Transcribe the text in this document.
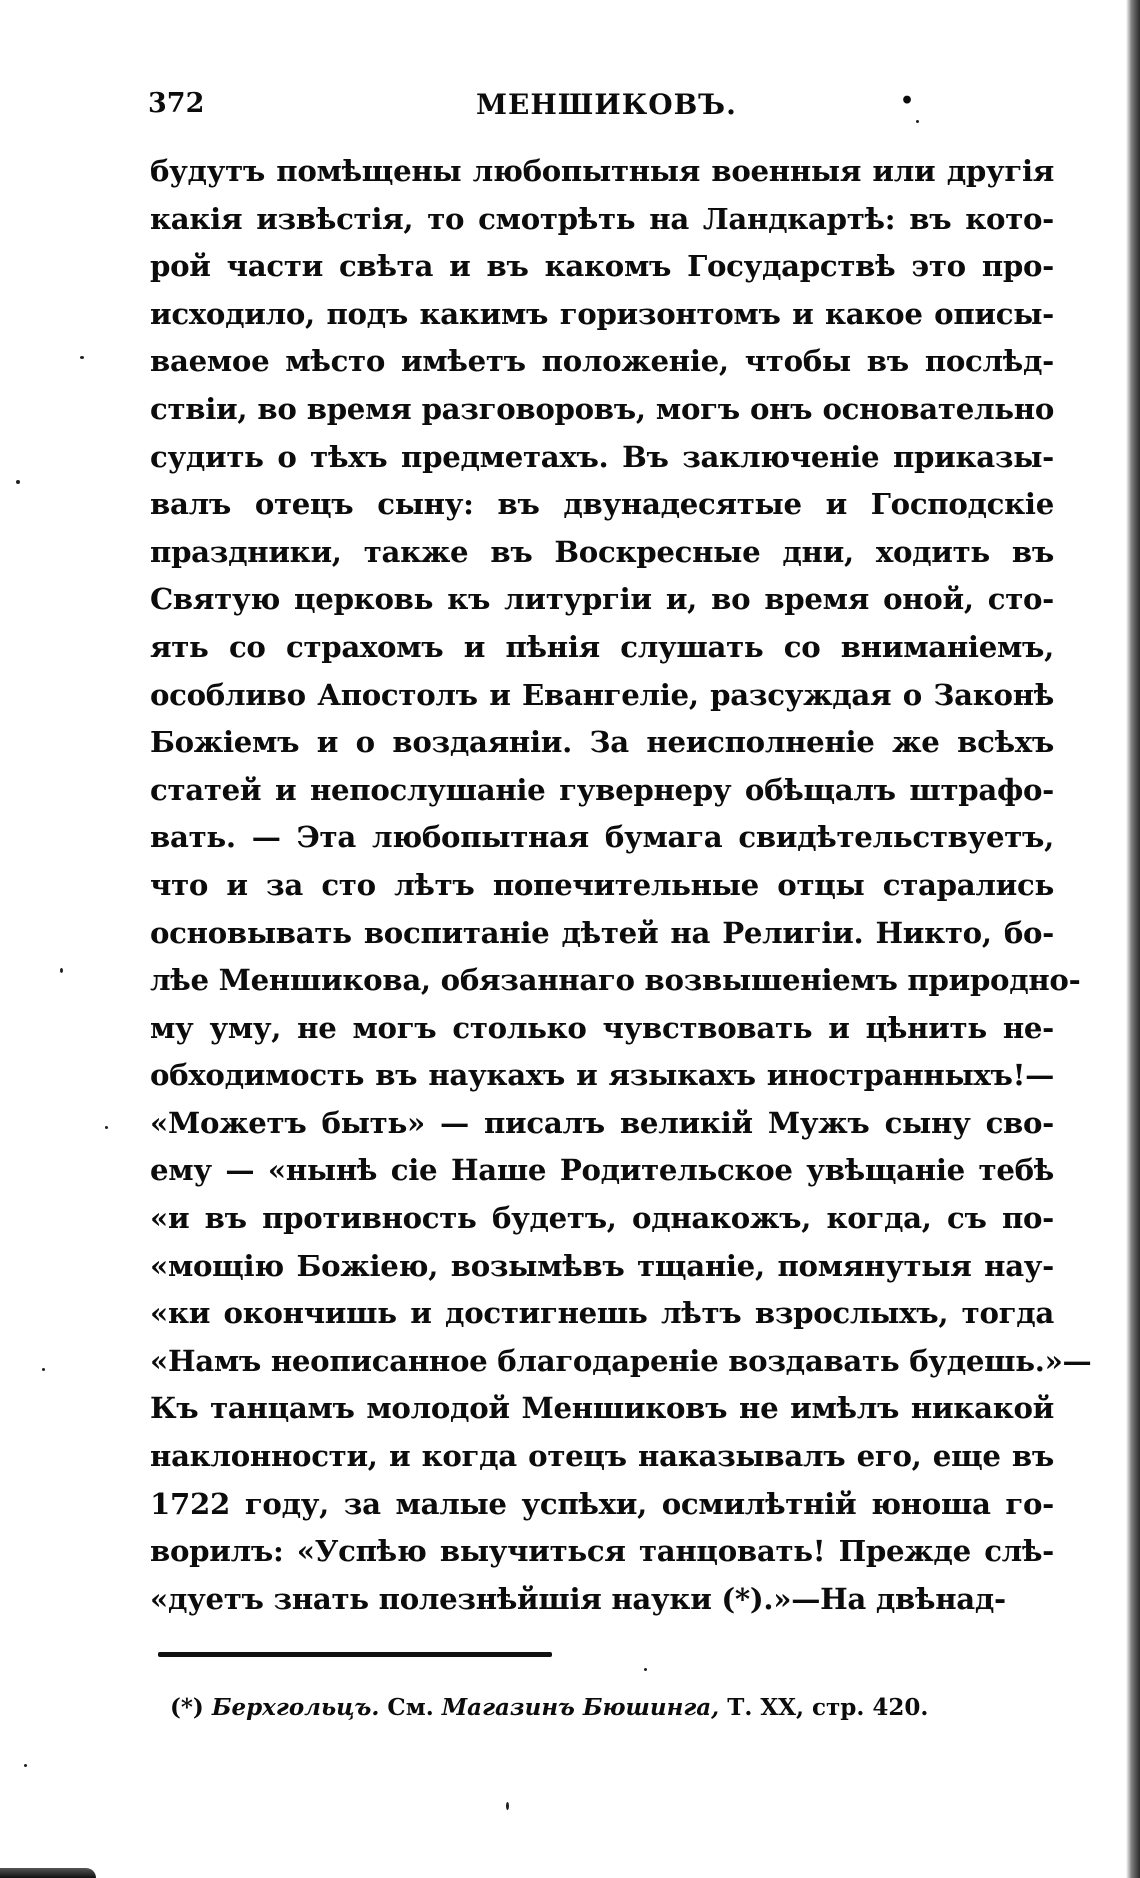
372	МЕНШИКОВЪ.	•
будутъ помѣщены любопытныя военныя или другія
какія извѣстія, то смотрѣть на Ландкартѣ: въ кото-
рой части свѣта и въ какомъ Государствѣ это про-
исходило, подъ какимъ горизонтомъ и какое описы-
ваемое мѣсто имѣетъ положеніе, чтобы въ послѣд-
ствіи, во время разговоровъ, могъ онъ основательно
судить о тѣхъ предметахъ. Въ заключеніе приказы-
валъ отецъ сыну: въ двунадесятые и Господскіе
праздники, также въ Воскресные дни, ходить въ
Святую церковь къ литургіи и, во время оной, сто-
ять со страхомъ и пѣнія слушать со вниманіемъ,
особливо Апостолъ и Евангеліе, разсуждая о Законѣ
Божіемъ и о воздаяніи. За неисполненіе же всѣхъ
статей и непослушаніе гувернеру обѣщалъ штрафо-
вать. — Эта любопытная бумага свидѣтельствуетъ,
что и за сто лѣтъ попечительные отцы старались
основывать воспитаніе дѣтей на Религіи. Никто, бо-
лѣе Меншикова, обязаннаго возвышеніемъ природно-
му уму, не могъ столько чувствовать и цѣнить не-
обходимость въ наукахъ и языкахъ иностранныхъ!—
«Можетъ быть» — писалъ великій Мужъ сыну сво-
ему — «нынѣ сіе Наше Родительское увѣщаніе тебѣ
«и въ противность будетъ, однакожъ, когда, съ по-
«мощію Божіею, возымѣвъ тщаніе, помянутыя нау-
«ки окончишь и достигнешь лѣтъ взрослыхъ, тогда
«Намъ неописанное благодареніе воздавать будешь.»—
Къ танцамъ молодой Меншиковъ не имѣлъ никакой
наклонности, и когда отецъ наказывалъ его, еще въ
1722 году, за малые успѣхи, осмилѣтній юноша го-
ворилъ: «Успѣю выучиться танцовать! Прежде слѣ-
«дуетъ знать полезнѣйшія науки (*).»—На двѣнад-
(*) Берхгольцъ. См. Магазинъ Бюшинга, Т. XX, стр. 420.
